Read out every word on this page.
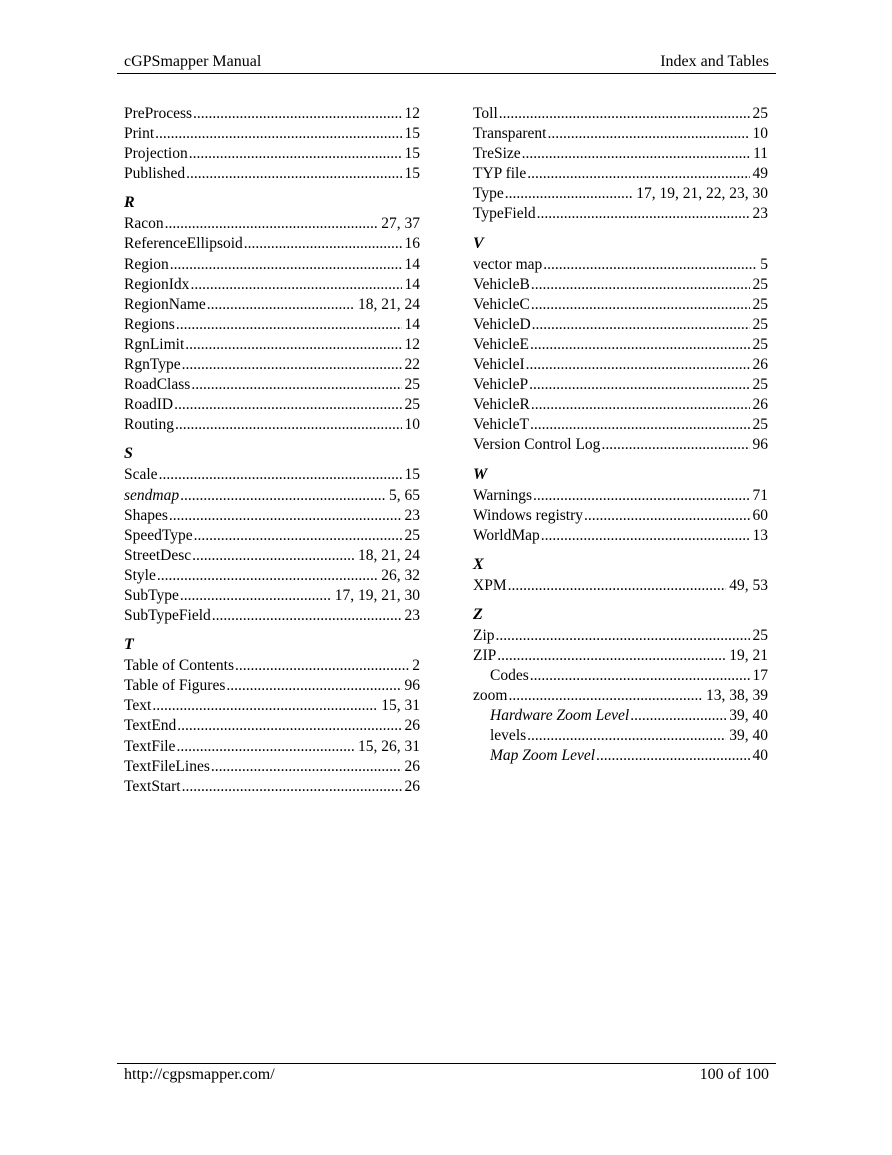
cGPSmapper Manual	Index and Tables
PreProcess .....	12
Print .....	15
Projection .....	15
Published .....	15
R
Racon .....	27, 37
ReferenceEllipsoid .....	16
Region .....	14
RegionIdx .....	14
RegionName .....	18, 21, 24
Regions .....	14
RgnLimit .....	12
RgnType .....	22
RoadClass .....	25
RoadID .....	25
Routing .....	10
S
Scale .....	15
sendmap .....	5, 65
Shapes .....	23
SpeedType .....	25
StreetDesc .....	18, 21, 24
Style .....	26, 32
SubType .....	17, 19, 21, 30
SubTypeField .....	23
T
Table of Contents .....	2
Table of Figures .....	96
Text .....	15, 31
TextEnd .....	26
TextFile .....	15, 26, 31
TextFileLines .....	26
TextStart .....	26
Toll .....	25
Transparent .....	10
TreSize .....	11
TYP file .....	49
Type .....	17, 19, 21, 22, 23, 30
TypeField .....	23
V
vector map .....	5
VehicleB .....	25
VehicleC .....	25
VehicleD .....	25
VehicleE .....	25
VehicleI .....	26
VehicleP .....	25
VehicleR .....	26
VehicleT .....	25
Version Control Log .....	96
W
Warnings .....	71
Windows registry .....	60
WorldMap .....	13
X
XPM .....	49, 53
Z
Zip .....	25
ZIP .....	19, 21
Codes .....	17
zoom .....	13, 38, 39
Hardware Zoom Level .....	39, 40
levels .....	39, 40
Map Zoom Level .....	40
http://cgpsmapper.com/	100 of 100
